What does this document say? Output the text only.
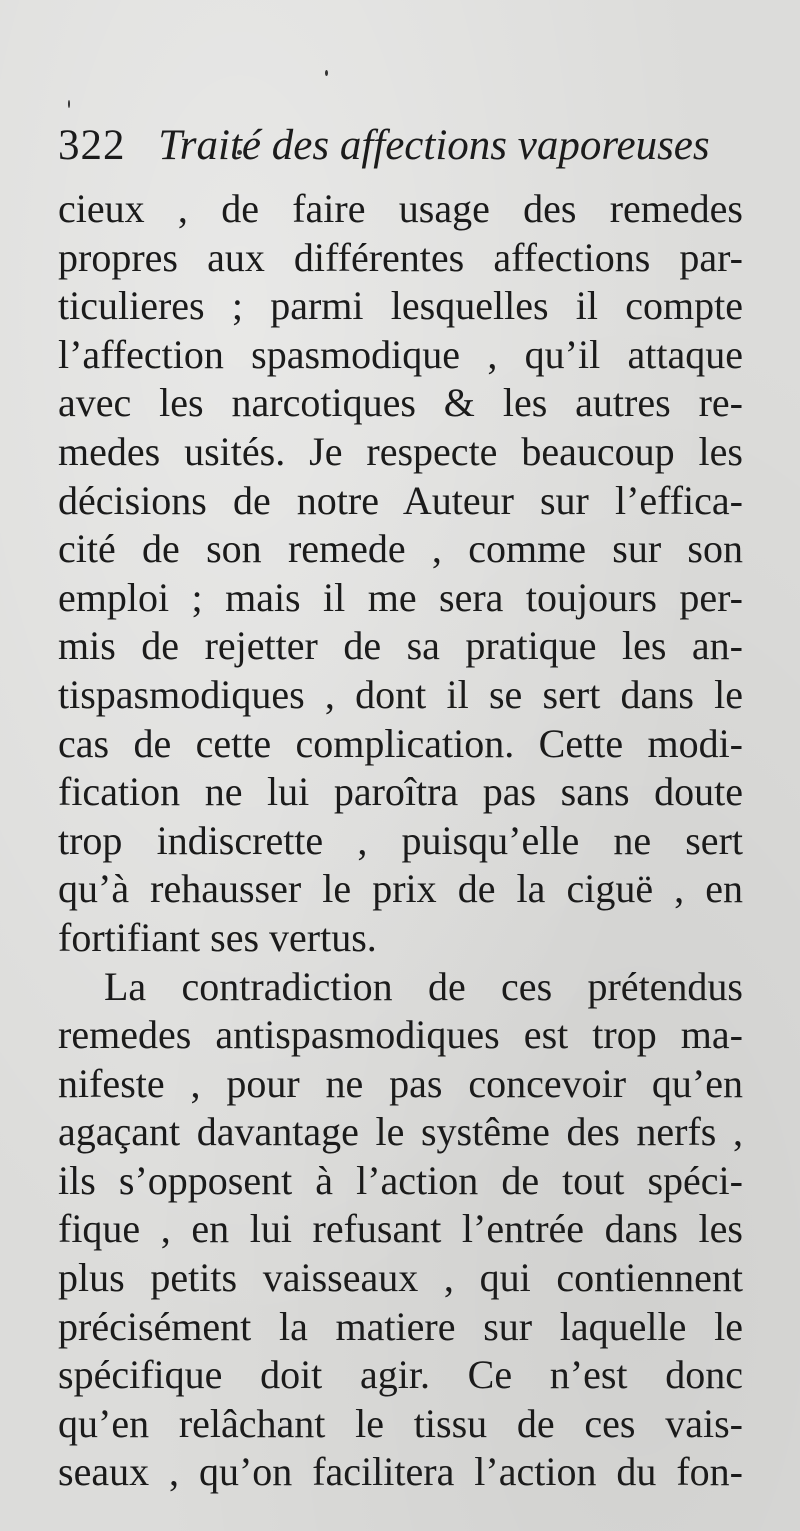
322 Traité des affections vaporeuses
cieux , de faire usage des remedes
propres aux différentes affections par-
ticulieres ; parmi lesquelles il compte
l’affection spasmodique , qu’il attaque
avec les narcotiques & les autres re-
medes usités. Je respecte beaucoup les
décisions de notre Auteur sur l’effica-
cité de son remede , comme sur son
emploi ; mais il me sera toujours per-
mis de rejetter de sa pratique les an-
tispasmodiques , dont il se sert dans le
cas de cette complication. Cette modi-
fication ne lui paroîtra pas sans doute
trop indiscrette , puisqu’elle ne sert
qu’à rehausser le prix de la ciguë , en
fortifiant ses vertus.
La contradiction de ces prétendus
remedes antispasmodiques est trop ma-
nifeste , pour ne pas concevoir qu’en
agaçant davantage le systême des nerfs ,
ils s’opposent à l’action de tout spéci-
fique , en lui refusant l’entrée dans les
plus petits vaisseaux , qui contiennent
précisément la matiere sur laquelle le
spécifique doit agir. Ce n’est donc
qu’en relâchant le tissu de ces vais-
seaux , qu’on facilitera l’action du fon-
